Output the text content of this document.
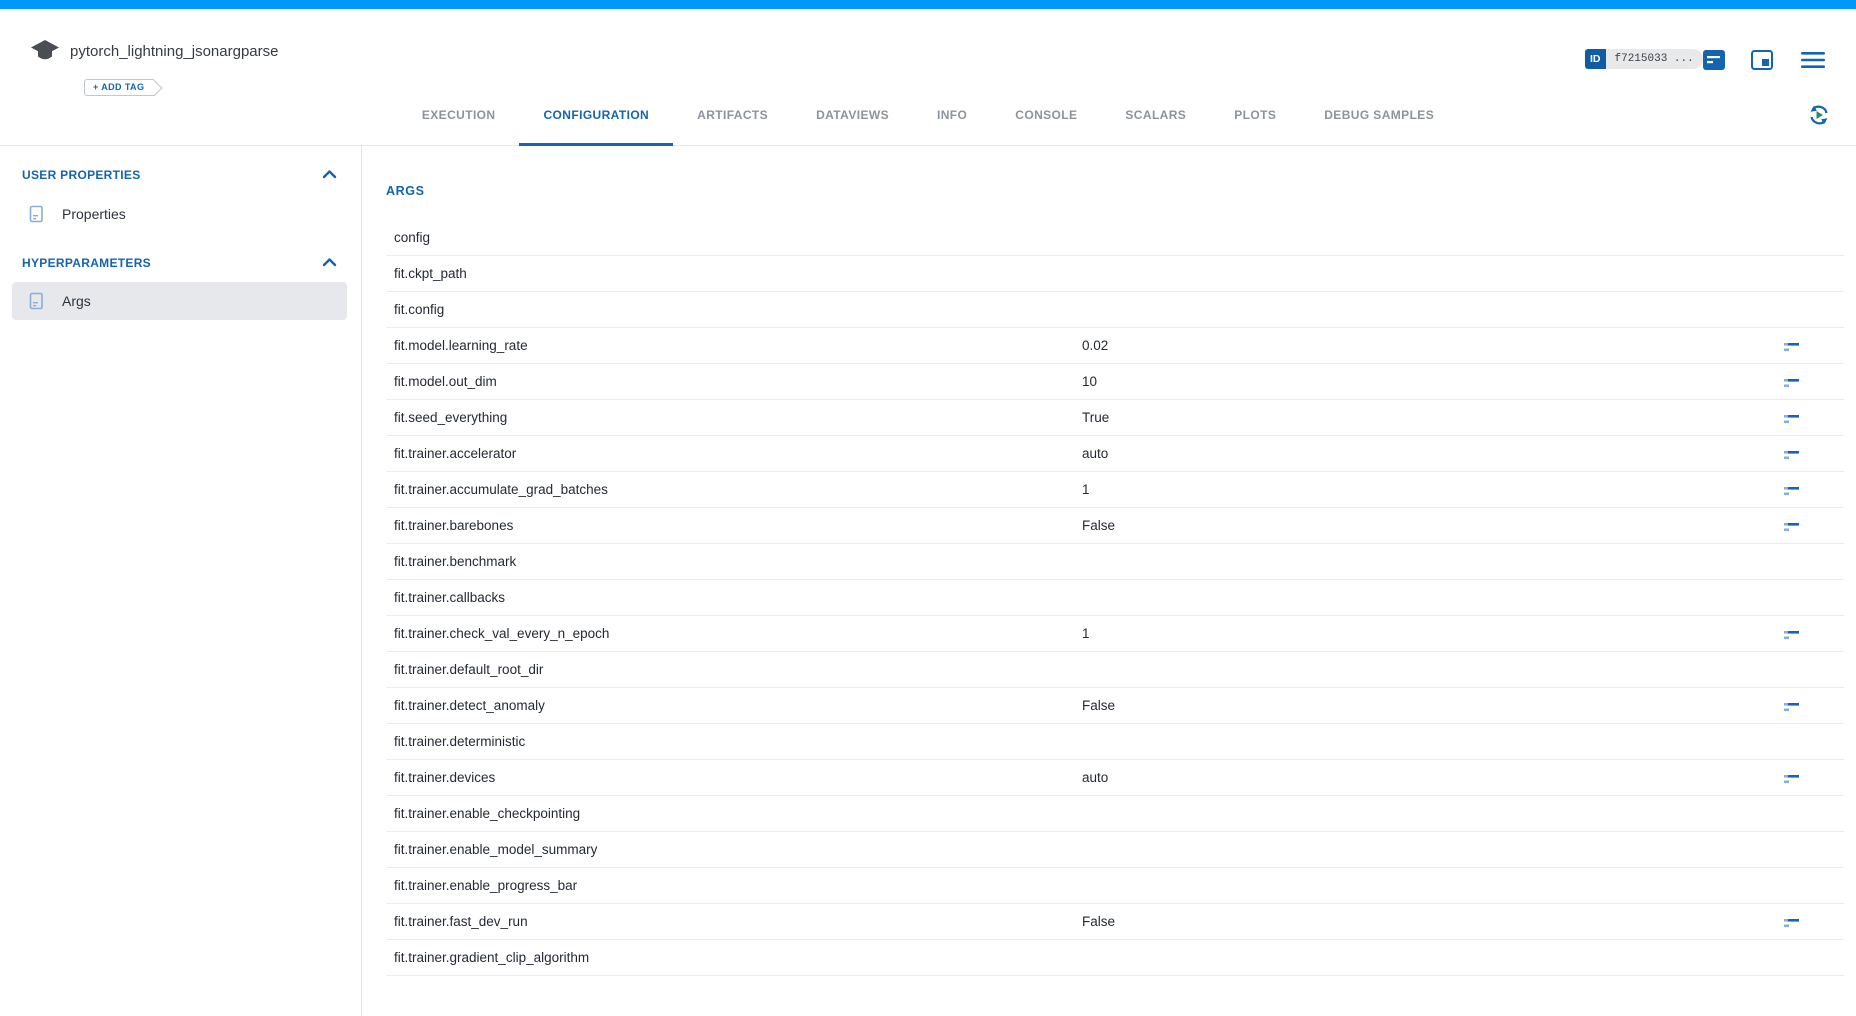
pytorch_lightning_jsonargparse
+ ADD TAG
ID	f7215033 ...
EXECUTION	CONFIGURATION	ARTIFACTS	DATAVIEWS	INFO	CONSOLE	SCALARS	PLOTS	DEBUG SAMPLES
USER PROPERTIES
Properties
HYPERPARAMETERS
Args
ARGS
config
fit.ckpt_path
fit.config
fit.model.learning_rate	0.02
fit.model.out_dim	10
fit.seed_everything	True
fit.trainer.accelerator	auto
fit.trainer.accumulate_grad_batches	1
fit.trainer.barebones	False
fit.trainer.benchmark
fit.trainer.callbacks
fit.trainer.check_val_every_n_epoch	1
fit.trainer.default_root_dir
fit.trainer.detect_anomaly	False
fit.trainer.deterministic
fit.trainer.devices	auto
fit.trainer.enable_checkpointing
fit.trainer.enable_model_summary
fit.trainer.enable_progress_bar
fit.trainer.fast_dev_run	False
fit.trainer.gradient_clip_algorithm
